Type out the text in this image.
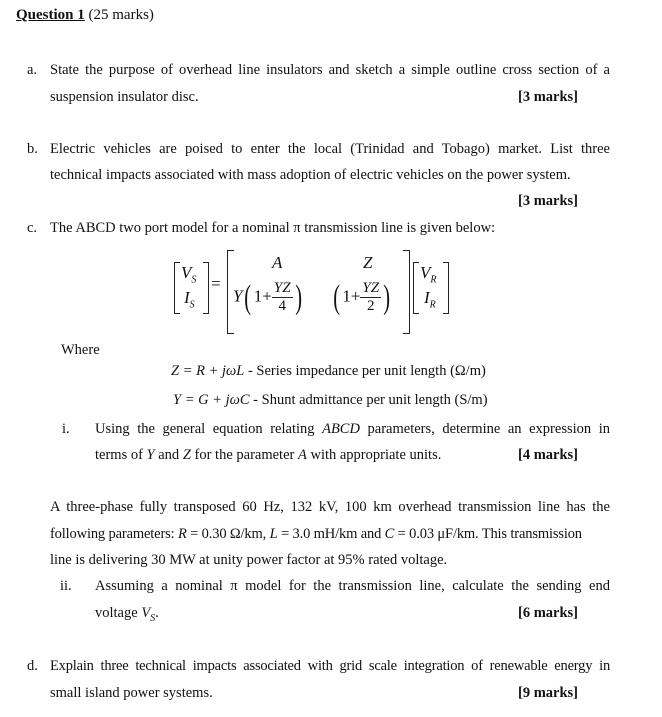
Question 1 (25 marks)
a. State the purpose of overhead line insulators and sketch a simple outline cross section of a
suspension insulator disc.	[3 marks]
b. Electric vehicles are poised to enter the local (Trinidad and Tobago) market. List three
technical impacts associated with mass adoption of electric vehicles on the power system.
[3 marks]
c. The ABCD two port model for a nominal π transmission line is given below:
$V_S$
$I_S$
=
A	Z
Y( $1+ \frac{YZ}{4}$ ) ( $1+ \frac{YZ}{2}$ )
$V_R$
$I_R$
Where
Z = R + jωL - Series impedance per unit length (Ω/m)
Y = G + jωC - Shunt admittance per unit length (S/m)
i. Using the general equation relating ABCD parameters, determine an expression in
terms of Y and Z for the parameter A with appropriate units.	[4 marks]
A three-phase fully transposed 60 Hz, 132 kV, 100 km overhead transmission line has the
following parameters: R = 0.30 Ω/km, L = 3.0 mH/km and C = 0.03 μF/km. This transmission
line is delivering 30 MW at unity power factor at 95% rated voltage.
ii. Assuming a nominal π model for the transmission line, calculate the sending end
voltage $V_S$.	[6 marks]
d. Explain three technical impacts associated with grid scale integration of renewable energy in
small island power systems.	[9 marks]
